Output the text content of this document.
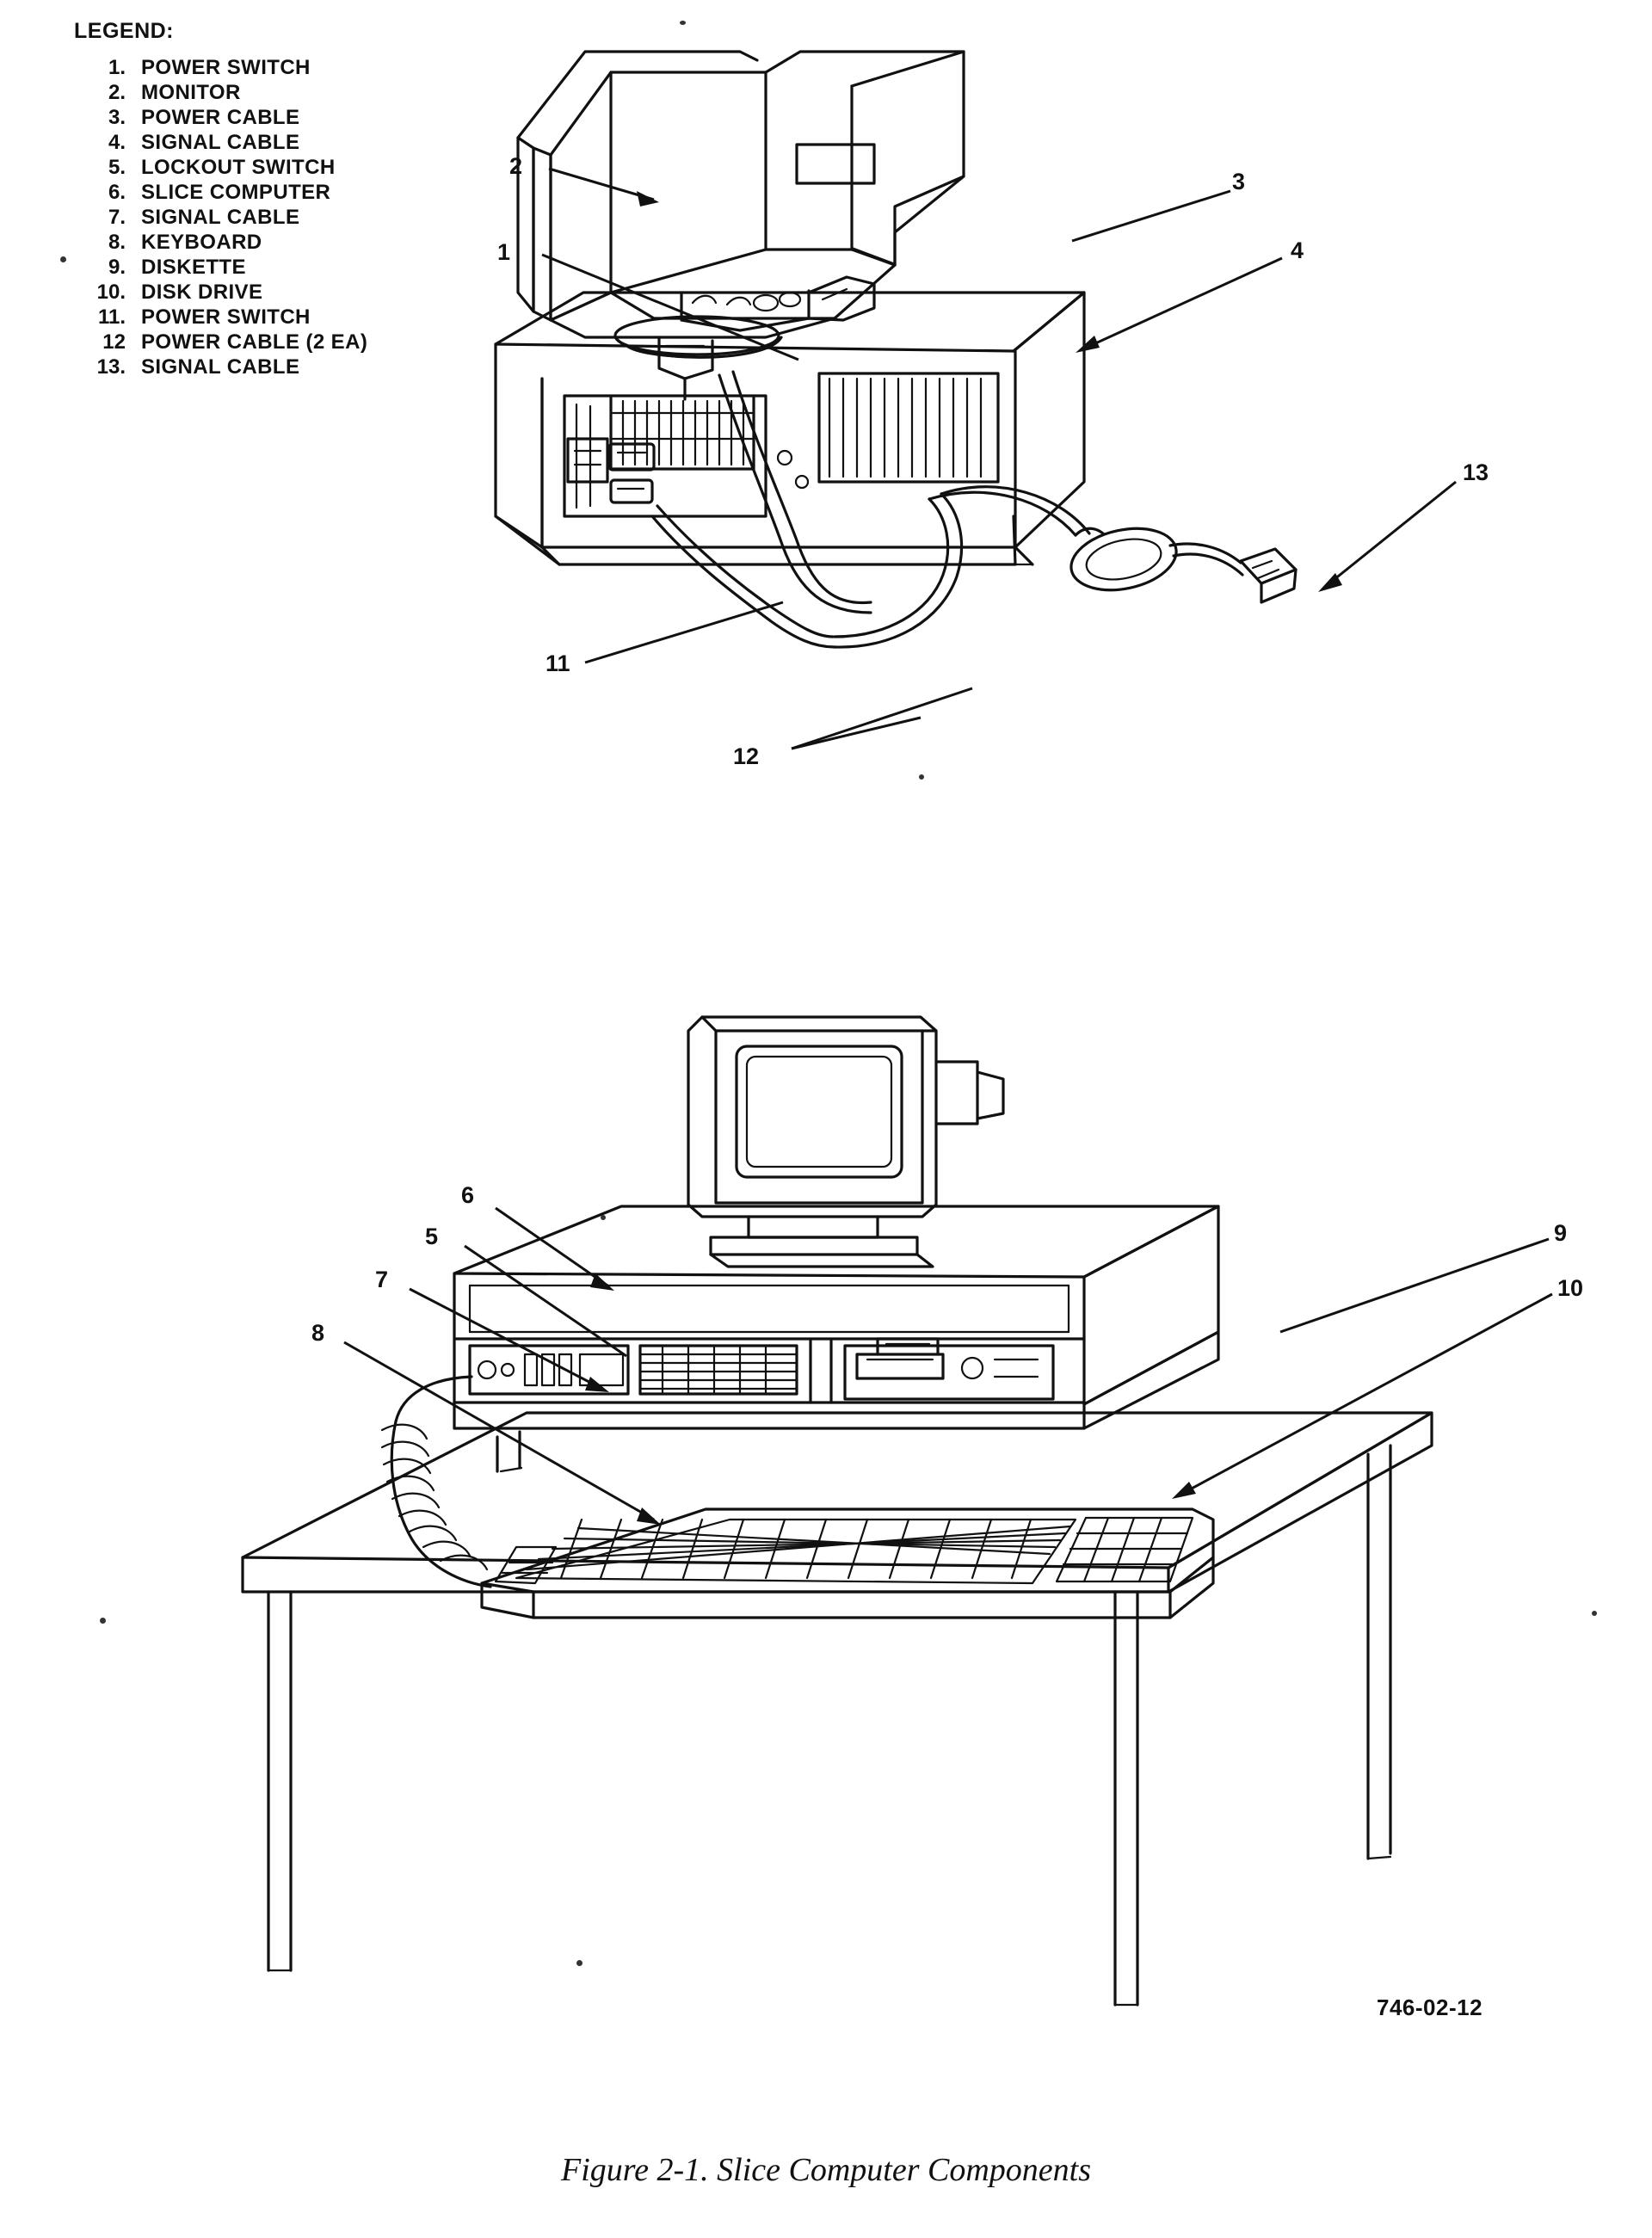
LEGEND:
1. POWER SWITCH
2. MONITOR
3. POWER CABLE
4. SIGNAL CABLE
5. LOCKOUT SWITCH
6. SLICE COMPUTER
7. SIGNAL CABLE
8. KEYBOARD
9. DISKETTE
10. DISK DRIVE
11. POWER SWITCH
12 POWER CABLE (2 EA)
13. SIGNAL CABLE
2
1
3
4
13
11
12
6
5
7
8
9
10
746-02-12
Figure 2-1. Slice Computer Components
